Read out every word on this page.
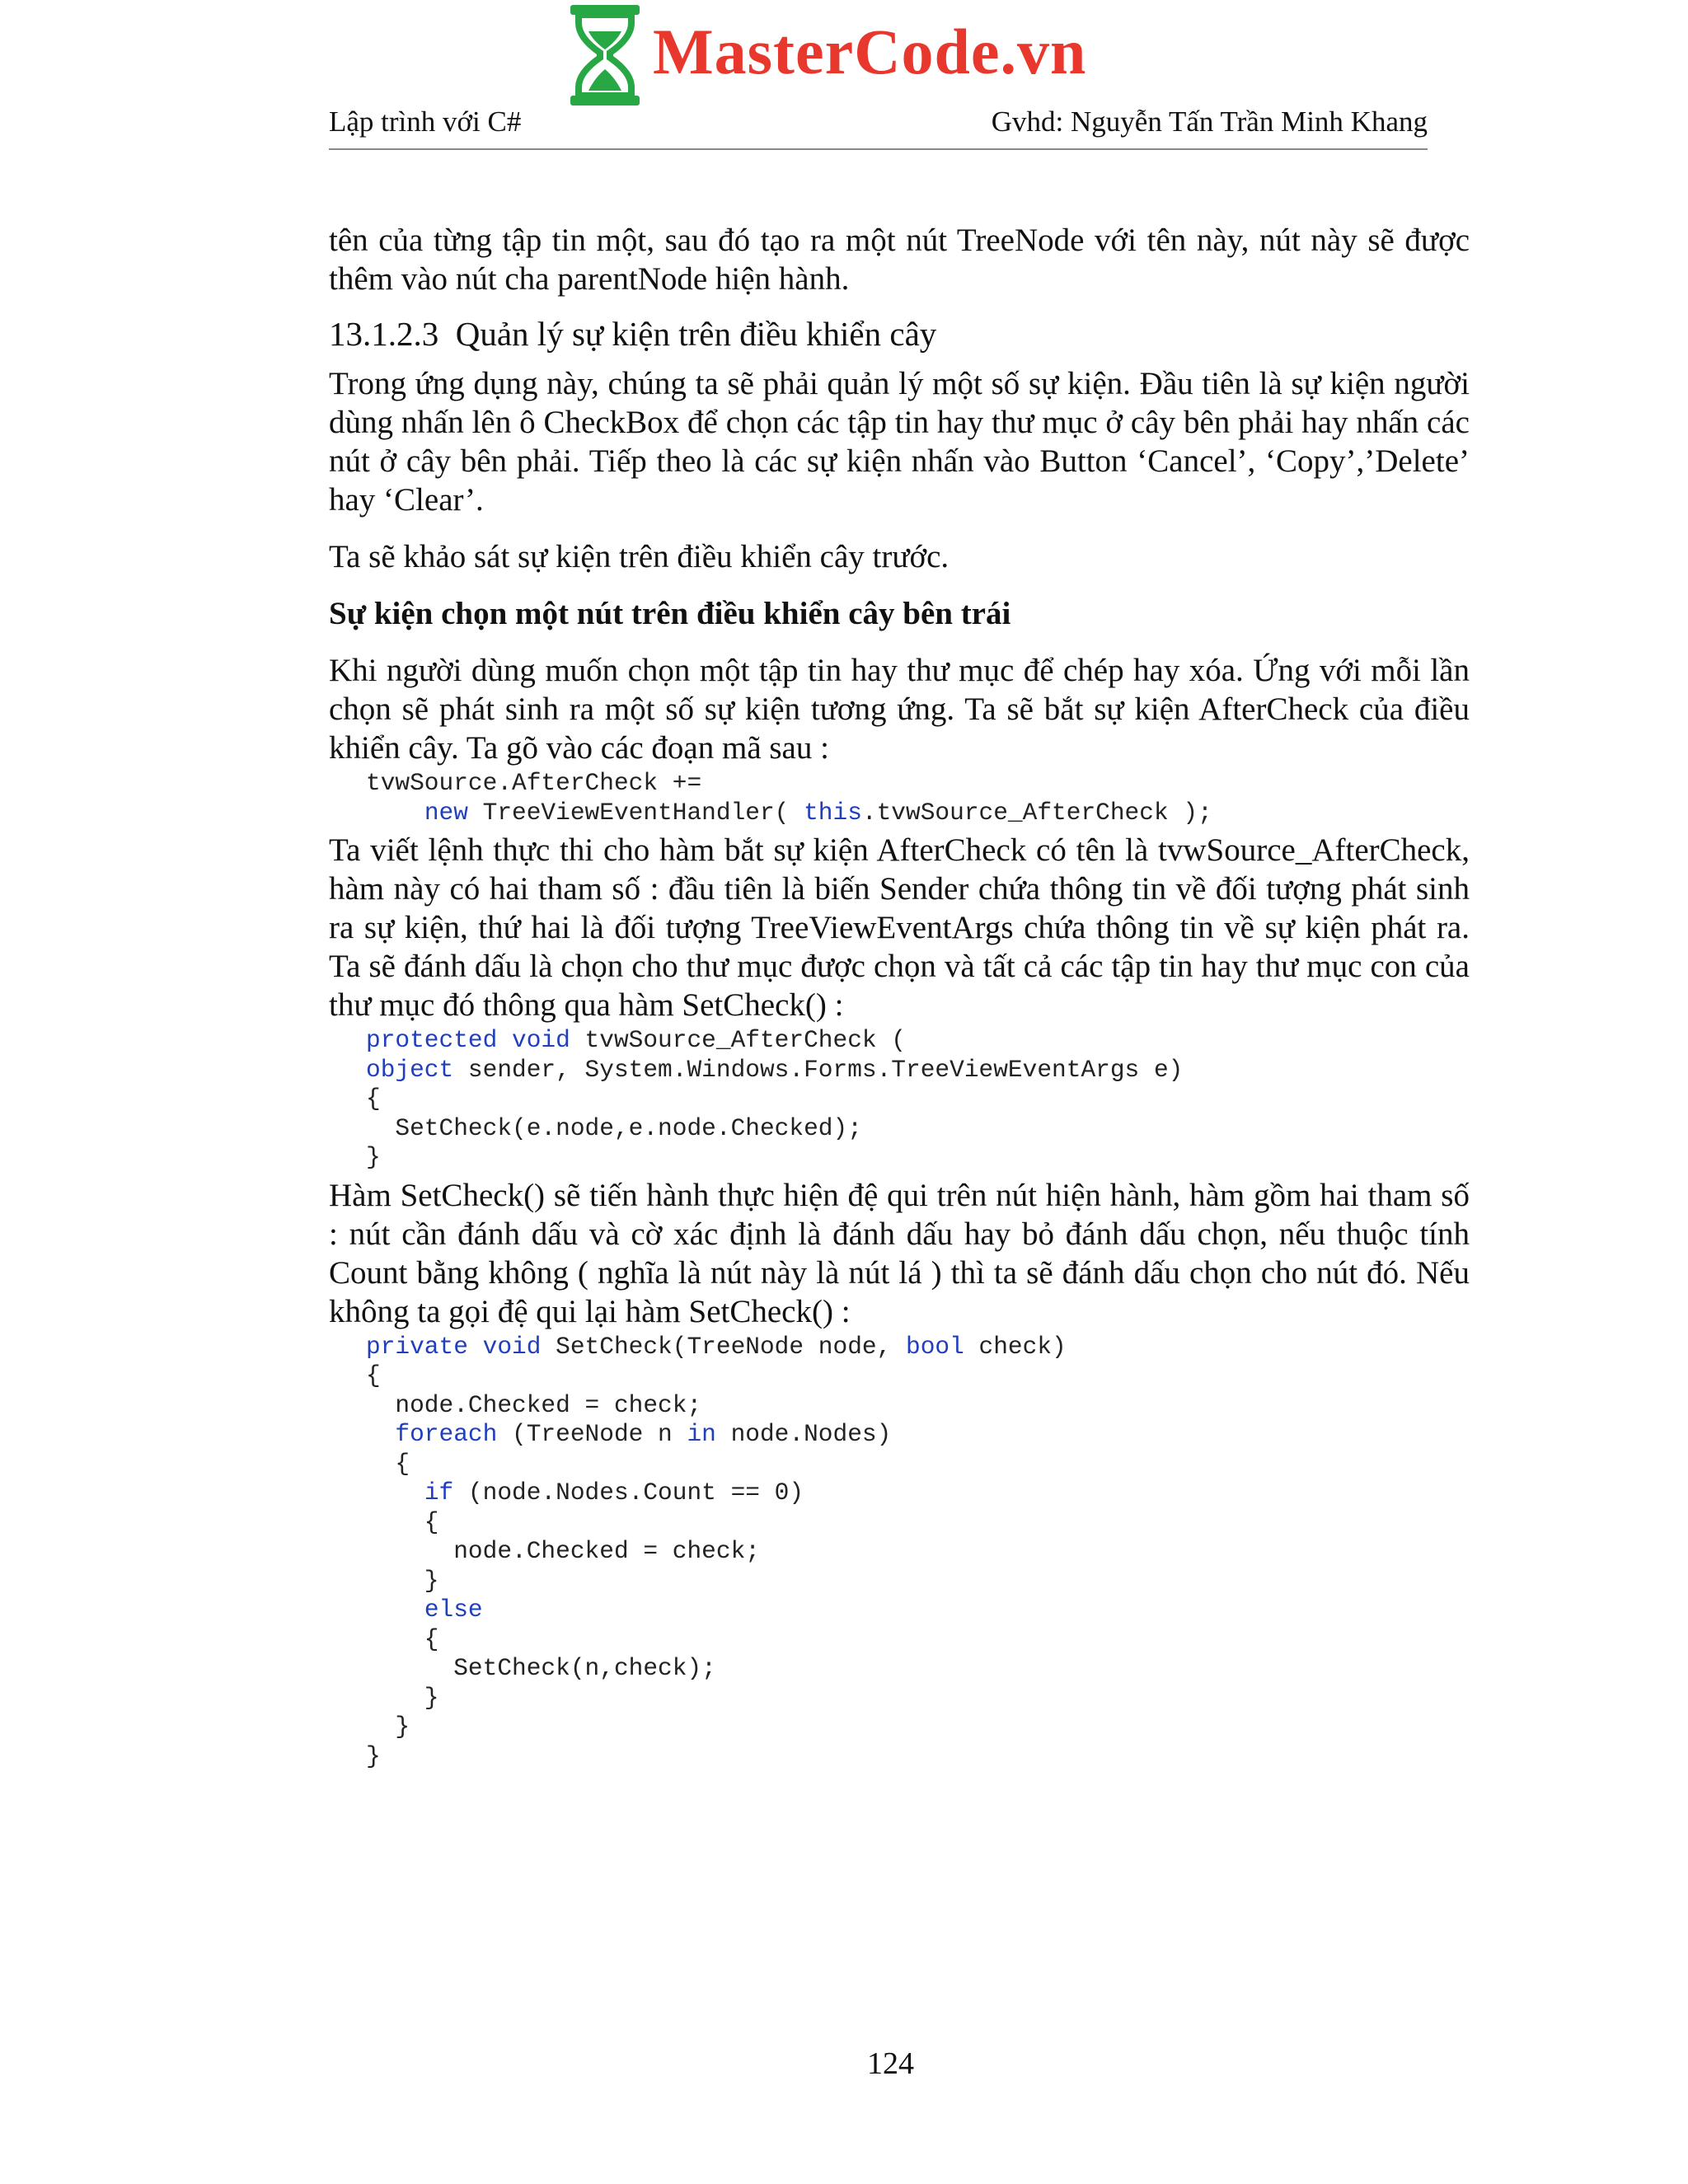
MasterCode.vn
Lập trình với C#	Gvhd: Nguyễn Tấn Trần Minh Khang

tên của từng tập tin một, sau đó tạo ra một nút TreeNode với tên này, nút này sẽ được thêm vào nút cha parentNode hiện hành.

13.1.2.3 Quản lý sự kiện trên điều khiển cây

Trong ứng dụng này, chúng ta sẽ phải quản lý một số sự kiện. Đầu tiên là sự kiện người dùng nhấn lên ô CheckBox để chọn các tập tin hay thư mục ở cây bên phải hay nhấn các nút ở cây bên phải. Tiếp theo là các sự kiện nhấn vào Button ‘Cancel’, ‘Copy’,’Delete’ hay ‘Clear’.

Ta sẽ khảo sát sự kiện trên điều khiển cây trước.

Sự kiện chọn một nút trên điều khiển cây bên trái

Khi người dùng muốn chọn một tập tin hay thư mục để chép hay xóa. Ứng với mỗi lần chọn sẽ phát sinh ra một số sự kiện tương ứng. Ta sẽ bắt sự kiện AfterCheck của điều khiển cây. Ta gõ vào các đoạn mã sau :

tvwSource.AfterCheck +=
new TreeViewEventHandler( this.tvwSource_AfterCheck );

Ta viết lệnh thực thi cho hàm bắt sự kiện AfterCheck có tên là tvwSource_AfterCheck, hàm này có hai tham số : đầu tiên là biến Sender chứa thông tin về đối tượng phát sinh ra sự kiện, thứ hai là đối tượng TreeViewEventArgs chứa thông tin về sự kiện phát ra. Ta sẽ đánh dấu là chọn cho thư mục được chọn và tất cả các tập tin hay thư mục con của thư mục đó thông qua hàm SetCheck() :

protected void tvwSource_AfterCheck (
object sender, System.Windows.Forms.TreeViewEventArgs e)
{
SetCheck(e.node,e.node.Checked);
}

Hàm SetCheck() sẽ tiến hành thực hiện đệ qui trên nút hiện hành, hàm gồm hai tham số : nút cần đánh dấu và cờ xác định là đánh dấu hay bỏ đánh dấu chọn, nếu thuộc tính Count bằng không ( nghĩa là nút này là nút lá ) thì ta sẽ đánh dấu chọn cho nút đó. Nếu không ta gọi đệ qui lại hàm SetCheck() :

private void SetCheck(TreeNode node, bool check)
{
node.Checked = check;
foreach (TreeNode n in node.Nodes)
{
if (node.Nodes.Count == 0)
{
node.Checked = check;
}
else
{
SetCheck(n,check);
}
}
}
124
